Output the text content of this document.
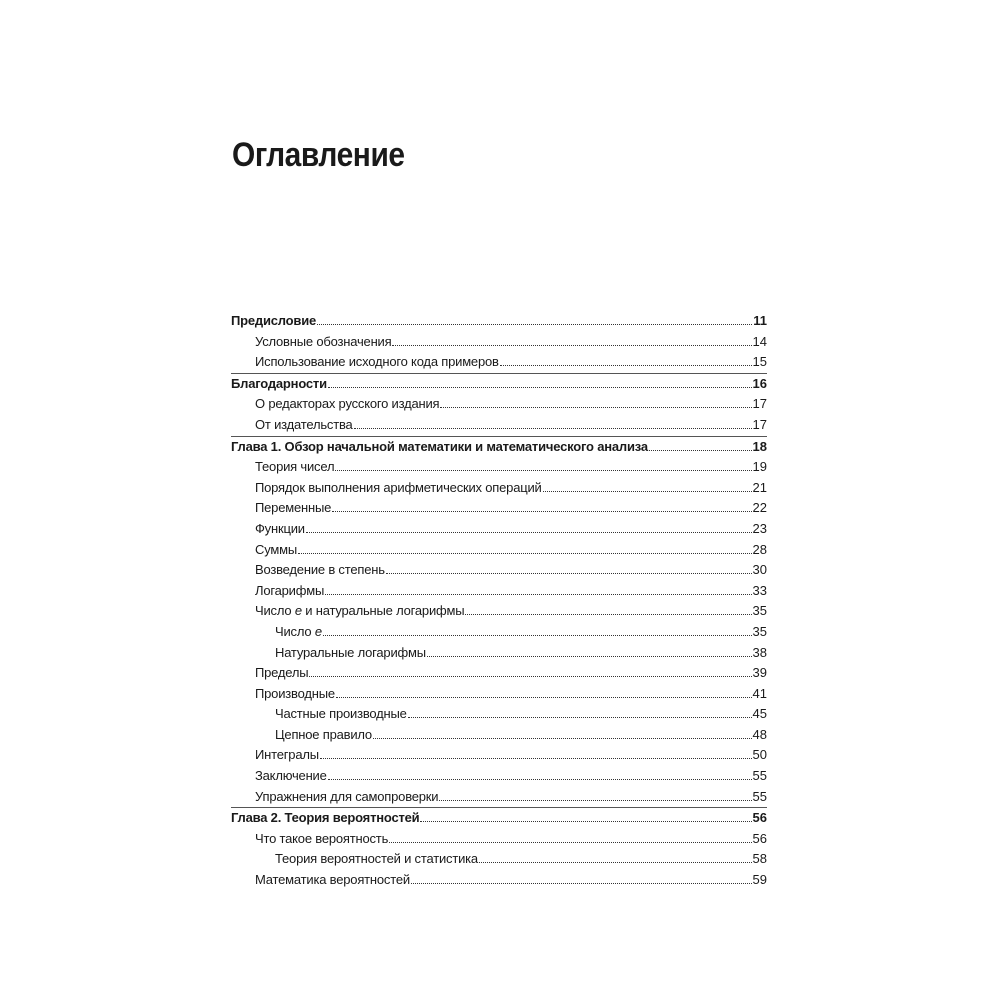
Оглавление
Предисловие	11
Условные обозначения	14
Использование исходного кода примеров	15
Благодарности	16
О редакторах русского издания	17
От издательства	17
Глава 1. Обзор начальной математики и математического анализа	18
Теория чисел	19
Порядок выполнения арифметических операций	21
Переменные	22
Функции	23
Суммы	28
Возведение в степень	30
Логарифмы	33
Число e и натуральные логарифмы	35
Число e	35
Натуральные логарифмы	38
Пределы	39
Производные	41
Частные производные	45
Цепное правило	48
Интегралы	50
Заключение	55
Упражнения для самопроверки	55
Глава 2. Теория вероятностей	56
Что такое вероятность	56
Теория вероятностей и статистика	58
Математика вероятностей	59
